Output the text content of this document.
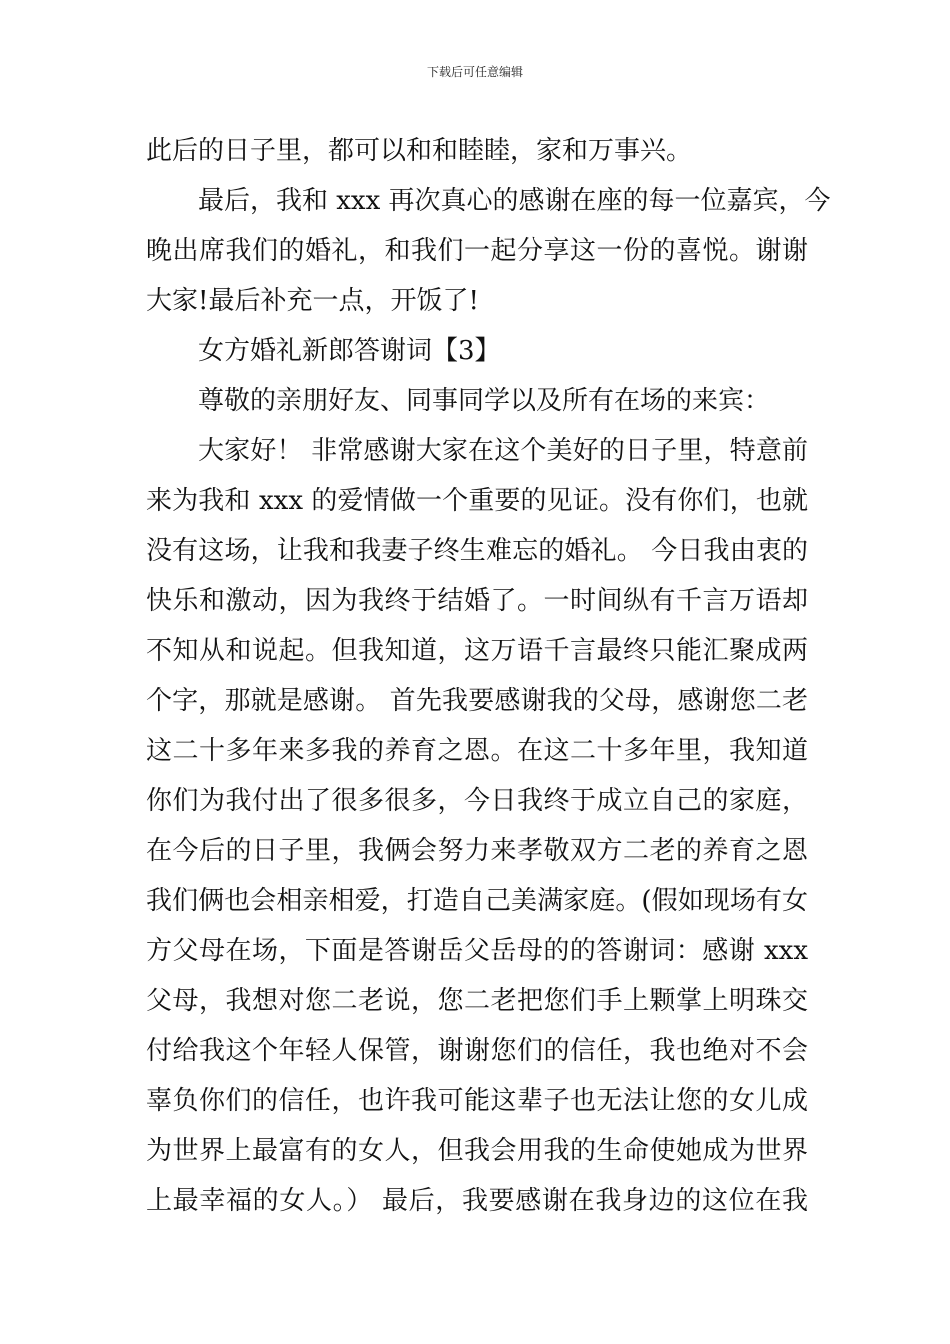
下载后可任意编辑
此后的日子里，都可以和和睦睦，家和万事兴。
最后，我和 xxx 再次真心的感谢在座的每一位嘉宾，今
晚出席我们的婚礼，和我们一起分享这一份的喜悦。谢谢
大家!最后补充一点，开饭了!
女方婚礼新郎答谢词【3】
尊敬的亲朋好友、同事同学以及所有在场的来宾：
大家好！ 非常感谢大家在这个美好的日子里，特意前
来为我和 xxx 的爱情做一个重要的见证。没有你们，也就
没有这场，让我和我妻子终生难忘的婚礼。 今日我由衷的
快乐和激动，因为我终于结婚了。一时间纵有千言万语却
不知从和说起。但我知道，这万语千言最终只能汇聚成两
个字，那就是感谢。 首先我要感谢我的父母，感谢您二老
这二十多年来多我的养育之恩。在这二十多年里，我知道
你们为我付出了很多很多，今日我终于成立自己的家庭，
在今后的日子里，我俩会努力来孝敬双方二老的养育之恩
我们俩也会相亲相爱，打造自己美满家庭。(假如现场有女
方父母在场，下面是答谢岳父岳母的的答谢词：感谢 xxx
父母，我想对您二老说，您二老把您们手上颗掌上明珠交
付给我这个年轻人保管，谢谢您们的信任，我也绝对不会
辜负你们的信任，也许我可能这辈子也无法让您的女儿成
为世界上最富有的女人，但我会用我的生命使她成为世界
上最幸福的女人。） 最后，我要感谢在我身边的这位在我
